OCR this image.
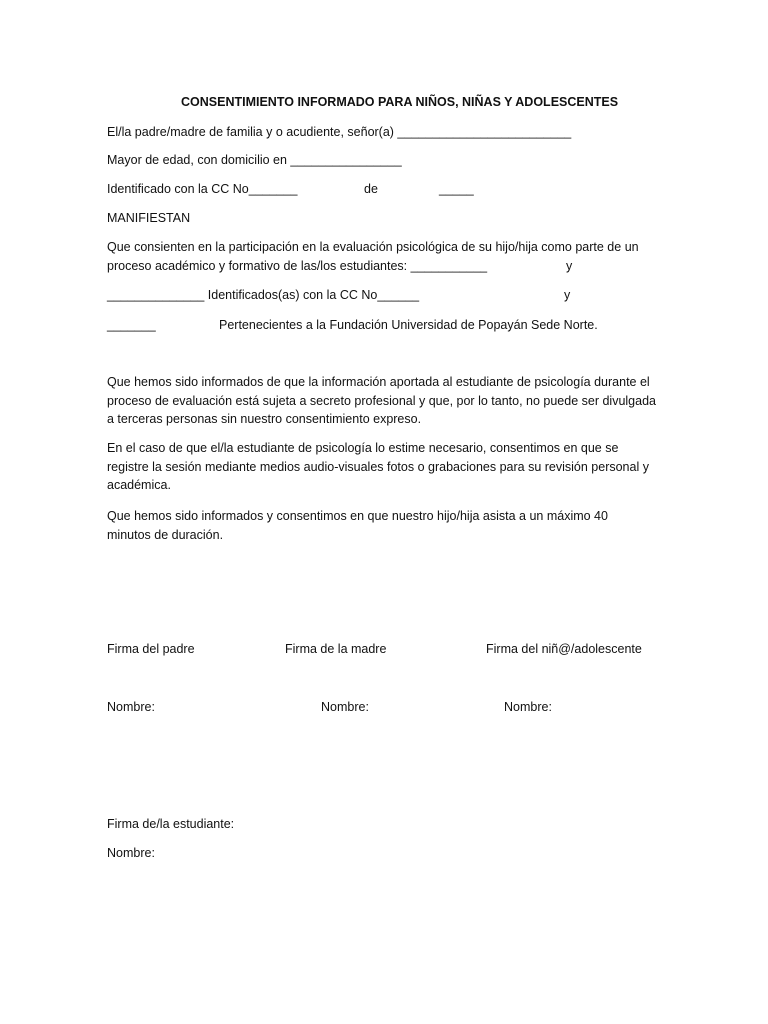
CONSENTIMIENTO INFORMADO PARA NIÑOS, NIÑAS Y ADOLESCENTES
El/la padre/madre de familia y o acudiente, señor(a) _________________________
Mayor de edad, con domicilio en ________________
Identificado con la CC No_______	de	_____
MANIFIESTAN
Que consienten en la participación en la evaluación psicológica de su hijo/hija como parte de un
proceso académico y formativo de las/los estudiantes: ___________	y
______________ Identificados(as) con la CC No______	y
_______	Pertenecientes a la Fundación Universidad de Popayán Sede Norte.
Que hemos sido informados de que la información aportada al estudiante de psicología durante el
proceso de evaluación está sujeta a secreto profesional y que, por lo tanto, no puede ser divulgada
a terceras personas sin nuestro consentimiento expreso.
En el caso de que el/la estudiante de psicología lo estime necesario, consentimos en que se
registre la sesión mediante medios audio-visuales fotos o grabaciones para su revisión personal y
académica.
Que hemos sido informados y consentimos en que nuestro hijo/hija asista a un máximo 40
minutos de duración.
Firma del padre	Firma de la madre	Firma del niñ@/adolescente
Nombre:	Nombre:	Nombre:
Firma de/la estudiante:
Nombre:
